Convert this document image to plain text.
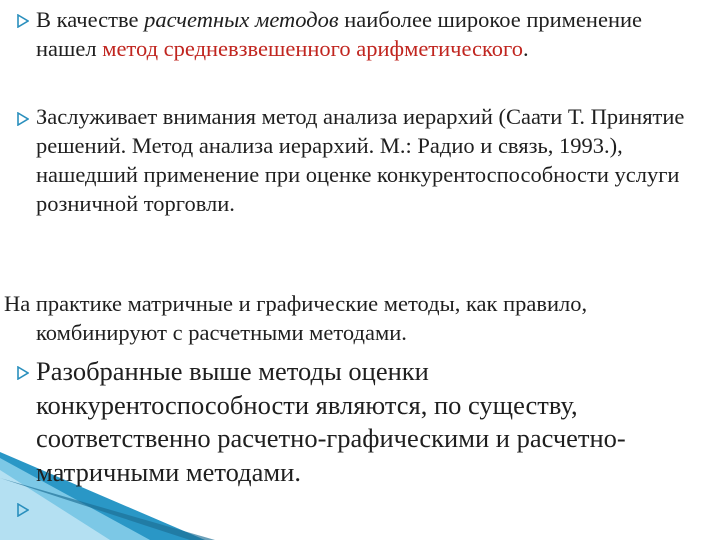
В качестве расчетных методов наиболее широкое применение нашел метод средневзвешенного арифметического.
Заслуживает внимания метод анализа иерархий (Саати Т. Принятие решений. Метод анализа иерархий. М.: Радио и связь, 1993.), нашедший применение при оценке конкурентоспособности услуги розничной торговли.
На практике матричные и графические методы, как правило, комбинируют с расчетными методами.
Разобранные выше методы оценки конкурентоспособности являются, по существу, соответственно расчетно-графическими и расчетно-матричными методами.
